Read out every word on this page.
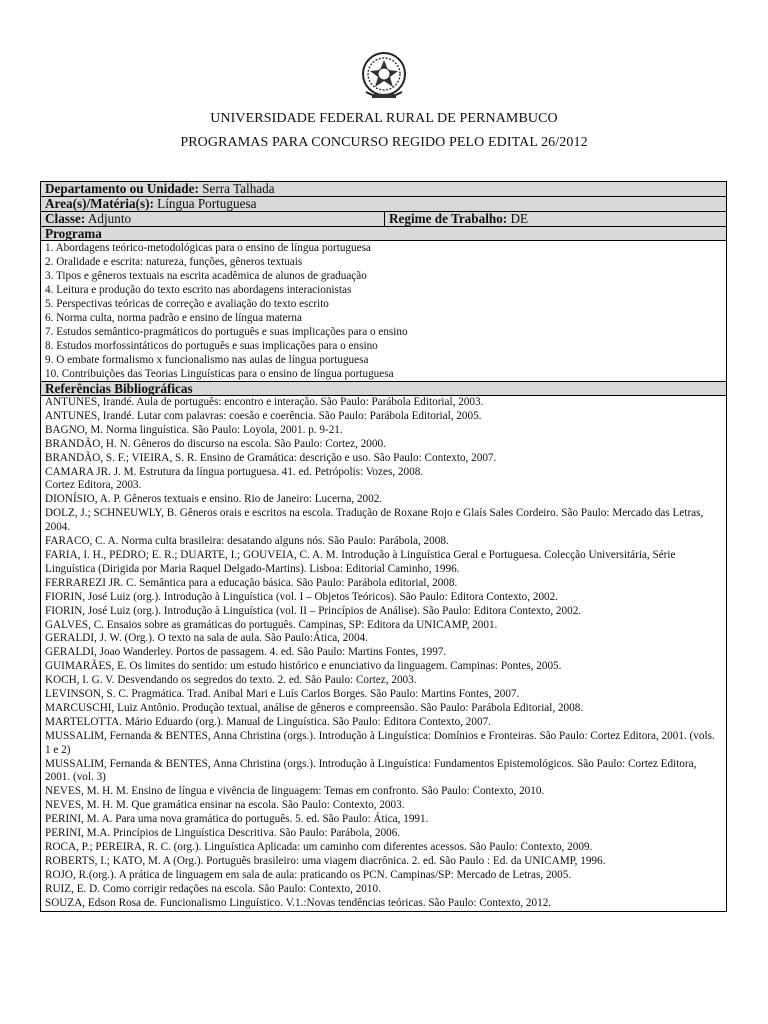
UNIVERSIDADE FEDERAL RURAL DE PERNAMBUCO
PROGRAMAS PARA CONCURSO REGIDO PELO EDITAL 26/2012
Departamento ou Unidade: Serra Talhada
Area(s)/Matéria(s): Língua Portuguesa
Classe: Adjunto	Regime de Trabalho: DE
Programa

1. Abordagens teórico-metodológicas para o ensino de língua portuguesa
2. Oralidade e escrita: natureza, funções, gêneros textuais
3. Tipos e gêneros textuais na escrita acadêmica de alunos de graduação
4. Leitura e produção do texto escrito nas abordagens interacionistas
5. Perspectivas teóricas de correção e avaliação do texto escrito
6. Norma culta, norma padrão e ensino de língua materna
7. Estudos semântico-pragmáticos do português e suas implicações para o ensino
8. Estudos morfossintáticos do português e suas implicações para o ensino
9. O embate formalismo x funcionalismo nas aulas de língua portuguesa
10. Contribuições das Teorias Linguísticas para o ensino de língua portuguesa

Referências Bibliográficas

ANTUNES, Irandé. Aula de português: encontro e interação. São Paulo: Parábola Editorial, 2003.
ANTUNES, Irandé. Lutar com palavras: coesão e coerência. São Paulo: Parábola Editorial, 2005.
BAGNO, M. Norma linguística. São Paulo: Loyola, 2001. p. 9-21.
BRANDÃO, H. N. Gêneros do discurso na escola. São Paulo: Cortez, 2000.
BRANDÃO, S. F.; VIEIRA, S. R. Ensino de Gramática: descrição e uso. São Paulo: Contexto, 2007.
CAMARA JR. J. M. Estrutura da língua portuguesa. 41. ed. Petrópolis: Vozes, 2008.
Cortez Editora, 2003.
DIONÍSIO, A. P. Gêneros textuais e ensino. Rio de Janeiro: Lucerna, 2002.
DOLZ, J.; SCHNEUWLY, B. Gêneros orais e escritos na escola. Tradução de Roxane Rojo e Glaís Sales Cordeiro. São Paulo: Mercado das Letras, 2004.
FARACO, C. A. Norma culta brasileira: desatando alguns nós. São Paulo: Parábola, 2008.
FARIA, I. H., PEDRO; E. R.; DUARTE, I.; GOUVEIA, C. A. M. Introdução à Linguística Geral e Portuguesa. Colecção Universitária, Série Linguística (Dirigida por Maria Raquel Delgado-Martins). Lisboa: Editorial Caminho, 1996.
FERRAREZI JR. C. Semântica para a educação básica. São Paulo: Parábola editorial, 2008.
FIORIN, José Luiz (org.). Introdução à Linguística (vol. I – Objetos Teóricos). São Paulo: Editora Contexto, 2002.
FIORIN, José Luiz (org.). Introdução à Linguística (vol. II – Princípios de Análise). São Paulo: Editora Contexto, 2002.
GALVES, C. Ensaios sobre as gramáticas do português. Campinas, SP: Editora da UNICAMP, 2001.
GERALDI, J. W. (Org.). O texto na sala de aula. São Paulo:Ática, 2004.
GERALDI, Joao Wanderley. Portos de passagem. 4. ed. São Paulo: Martins Fontes, 1997.
GUIMARÃES, E. Os limites do sentido: um estudo histórico e enunciativo da linguagem. Campinas: Pontes, 2005.
KOCH, I. G. V. Desvendando os segredos do texto. 2. ed. São Paulo: Cortez, 2003.
LEVINSON, S. C. Pragmática. Trad. Anibal Mari e Luís Carlos Borges. São Paulo: Martins Fontes, 2007.
MARCUSCHI, Luiz Antônio. Produção textual, análise de gêneros e compreensão. São Paulo: Parábola Editorial, 2008.
MARTELOTTA. Mário Eduardo (org.). Manual de Linguística. São Paulo: Editora Contexto, 2007.
MUSSALIM, Fernanda & BENTES, Anna Christina (orgs.). Introdução à Linguística: Domínios e Fronteiras. São Paulo: Cortez Editora, 2001. (vols. 1 e 2)
MUSSALIM, Fernanda & BENTES, Anna Christina (orgs.). Introdução à Linguística: Fundamentos Epistemológicos. São Paulo: Cortez Editora, 2001. (vol. 3)
NEVES, M. H. M. Ensino de língua e vivência de linguagem: Temas em confronto. São Paulo: Contexto, 2010.
NEVES, M. H. M. Que gramática ensinar na escola. São Paulo: Contexto, 2003.
PERINI, M. A. Para uma nova gramática do português. 5. ed. São Paulo: Ática, 1991.
PERINI, M.A. Princípios de Linguística Descritiva. São Paulo: Parábola, 2006.
ROCA, P.; PEREIRA, R. C. (org.). Linguística Aplicada: um caminho com diferentes acessos. São Paulo: Contexto, 2009.
ROBERTS, I.; KATO, M. A (Org.). Português brasileiro: uma viagem diacrônica. 2. ed. São Paulo : Ed. da UNICAMP, 1996.
ROJO, R.(org.). A prática de linguagem em sala de aula: praticando os PCN. Campinas/SP: Mercado de Letras, 2005.
RUIZ, E. D. Como corrigir redações na escola. São Paulo: Contexto, 2010.
SOUZA, Edson Rosa de. Funcionalismo Linguístico. V.1.:Novas tendências teóricas. São Paulo: Contexto, 2012.
